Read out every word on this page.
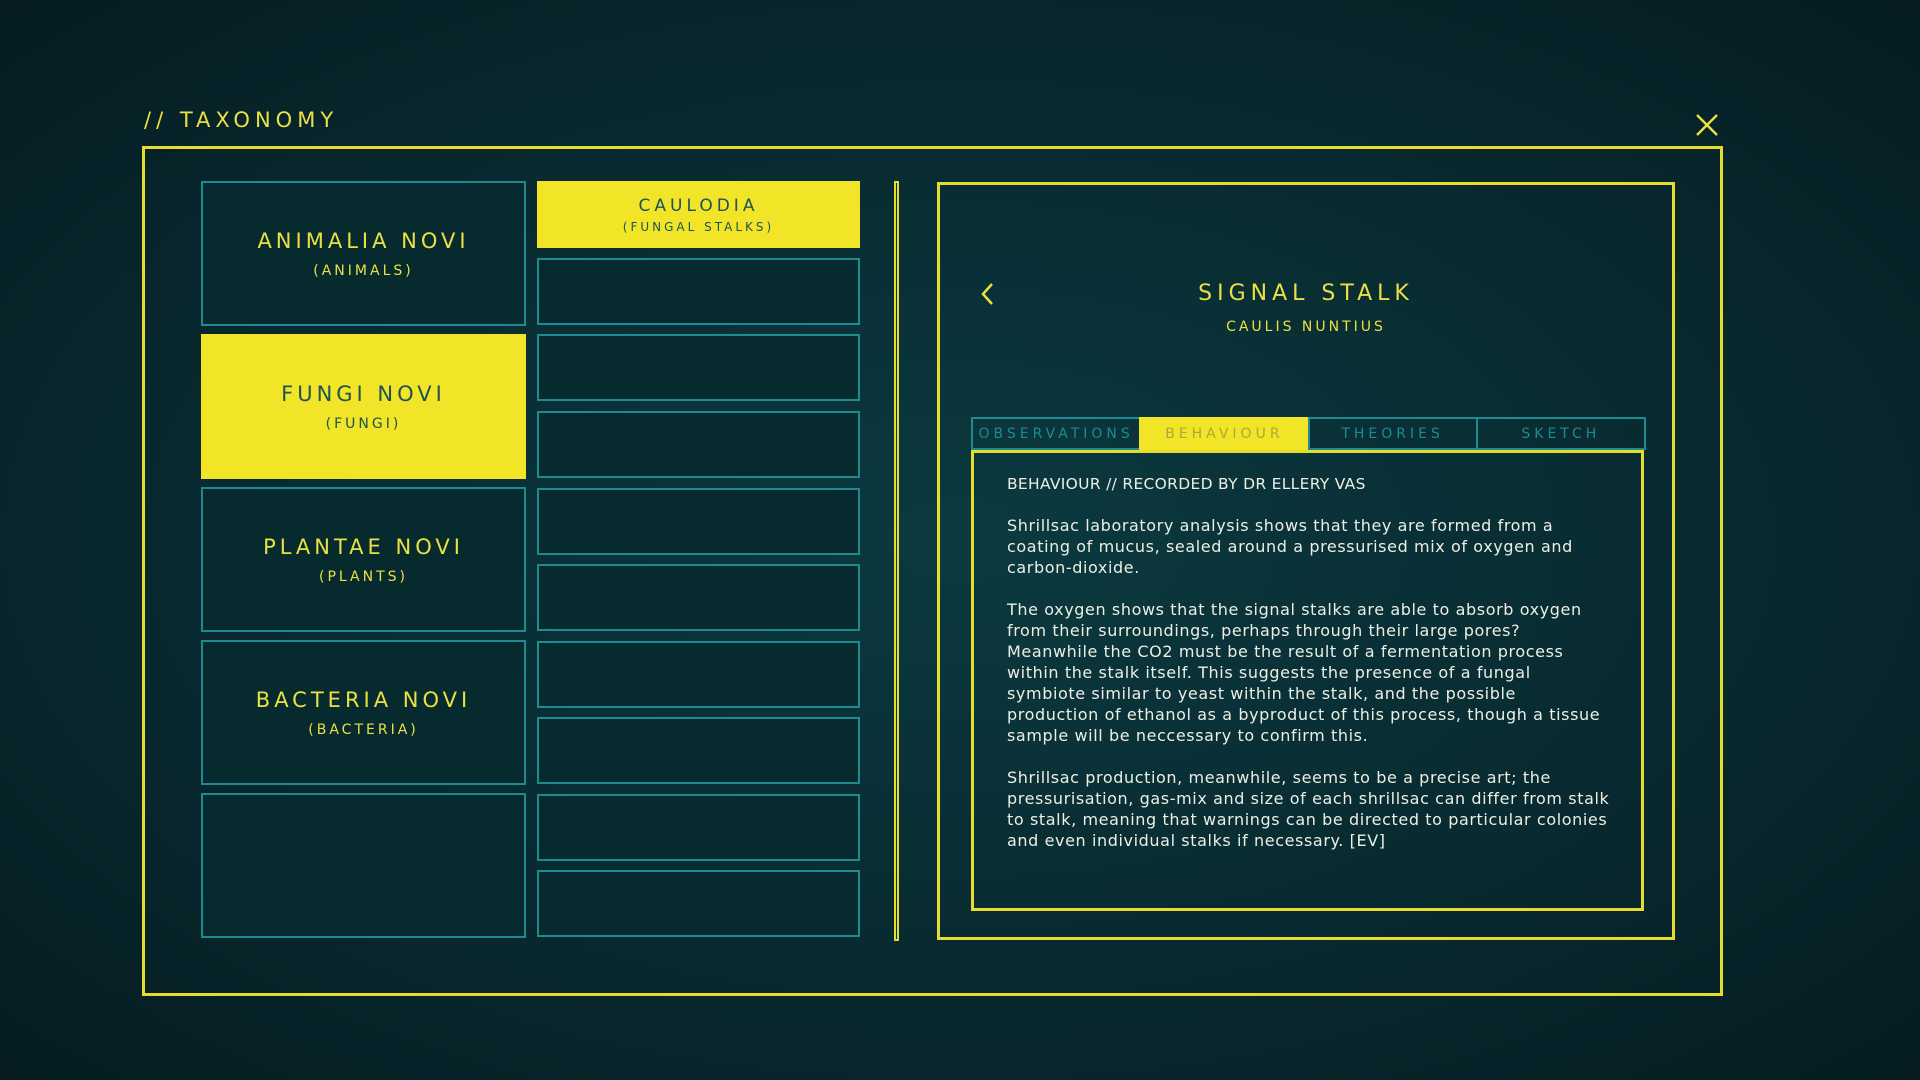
// TAXONOMY
ANIMALIA NOVI
(ANIMALS)
FUNGI NOVI
(FUNGI)
PLANTAE NOVI
(PLANTS)
BACTERIA NOVI
(BACTERIA)
CAULODIA
(FUNGAL STALKS)
SIGNAL STALK
CAULIS NUNTIUS
OBSERVATIONS	BEHAVIOUR	THEORIES	SKETCH
BEHAVIOUR // RECORDED BY DR ELLERY VAS

Shrillsac laboratory analysis shows that they are formed from a coating of mucus, sealed around a pressurised mix of oxygen and carbon-dioxide.

The oxygen shows that the signal stalks are able to absorb oxygen from their surroundings, perhaps through their large pores? Meanwhile the CO2 must be the result of a fermentation process within the stalk itself. This suggests the presence of a fungal symbiote similar to yeast within the stalk, and the possible production of ethanol as a byproduct of this process, though a tissue sample will be neccessary to confirm this.

Shrillsac production, meanwhile, seems to be a precise art; the pressurisation, gas-mix and size of each shrillsac can differ from stalk to stalk, meaning that warnings can be directed to particular colonies and even individual stalks if necessary. [EV]
